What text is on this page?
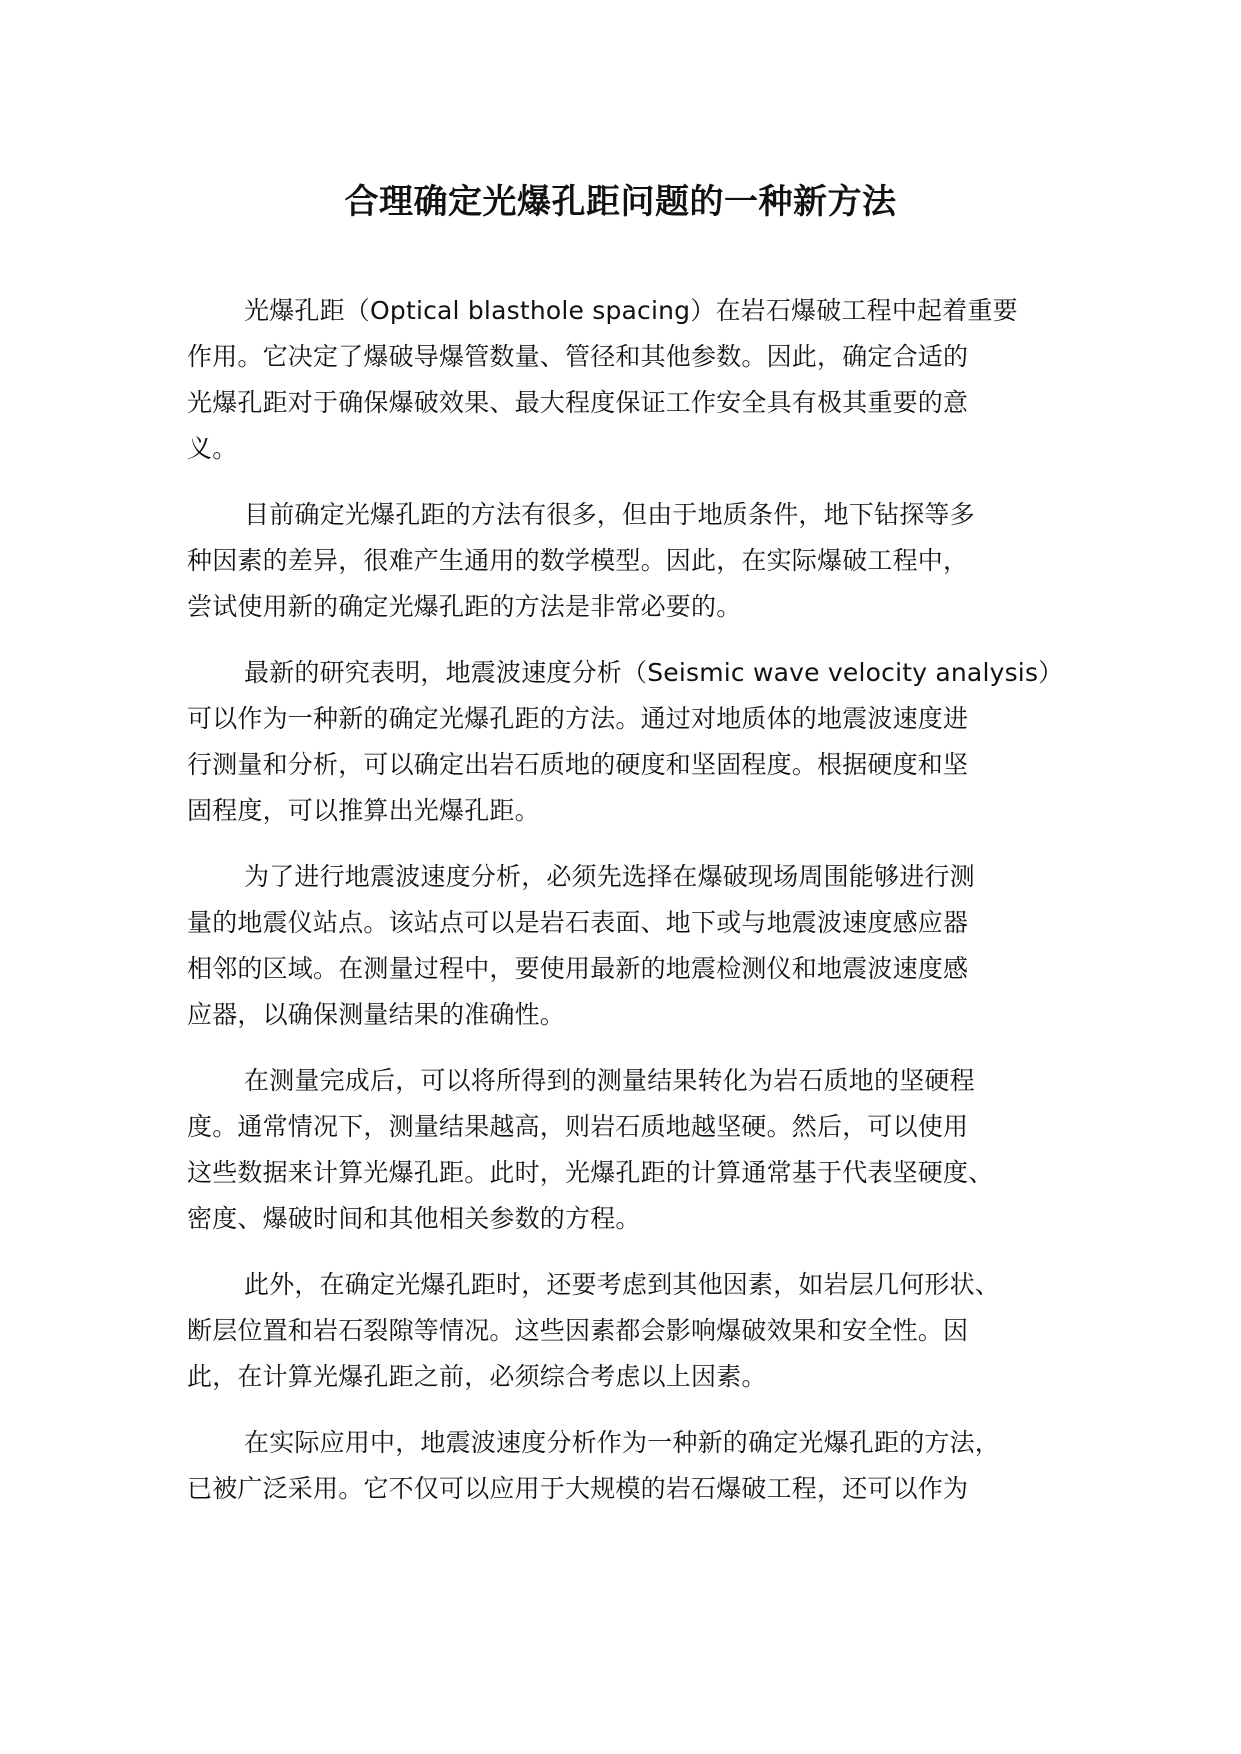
合理确定光爆孔距问题的一种新方法
光爆孔距（Optical blasthole spacing）在岩石爆破工程中起着重要
作用。它决定了爆破导爆管数量、管径和其他参数。因此，确定合适的
光爆孔距对于确保爆破效果、最大程度保证工作安全具有极其重要的意
义。
目前确定光爆孔距的方法有很多，但由于地质条件，地下钻探等多
种因素的差异，很难产生通用的数学模型。因此，在实际爆破工程中，
尝试使用新的确定光爆孔距的方法是非常必要的。
最新的研究表明，地震波速度分析（Seismic wave velocity analysis）
可以作为一种新的确定光爆孔距的方法。通过对地质体的地震波速度进
行测量和分析，可以确定出岩石质地的硬度和坚固程度。根据硬度和坚
固程度，可以推算出光爆孔距。
为了进行地震波速度分析，必须先选择在爆破现场周围能够进行测
量的地震仪站点。该站点可以是岩石表面、地下或与地震波速度感应器
相邻的区域。在测量过程中，要使用最新的地震检测仪和地震波速度感
应器，以确保测量结果的准确性。
在测量完成后，可以将所得到的测量结果转化为岩石质地的坚硬程
度。通常情况下，测量结果越高，则岩石质地越坚硬。然后，可以使用
这些数据来计算光爆孔距。此时，光爆孔距的计算通常基于代表坚硬度、
密度、爆破时间和其他相关参数的方程。
此外，在确定光爆孔距时，还要考虑到其他因素，如岩层几何形状、
断层位置和岩石裂隙等情况。这些因素都会影响爆破效果和安全性。因
此，在计算光爆孔距之前，必须综合考虑以上因素。
在实际应用中，地震波速度分析作为一种新的确定光爆孔距的方法，
已被广泛采用。它不仅可以应用于大规模的岩石爆破工程，还可以作为
